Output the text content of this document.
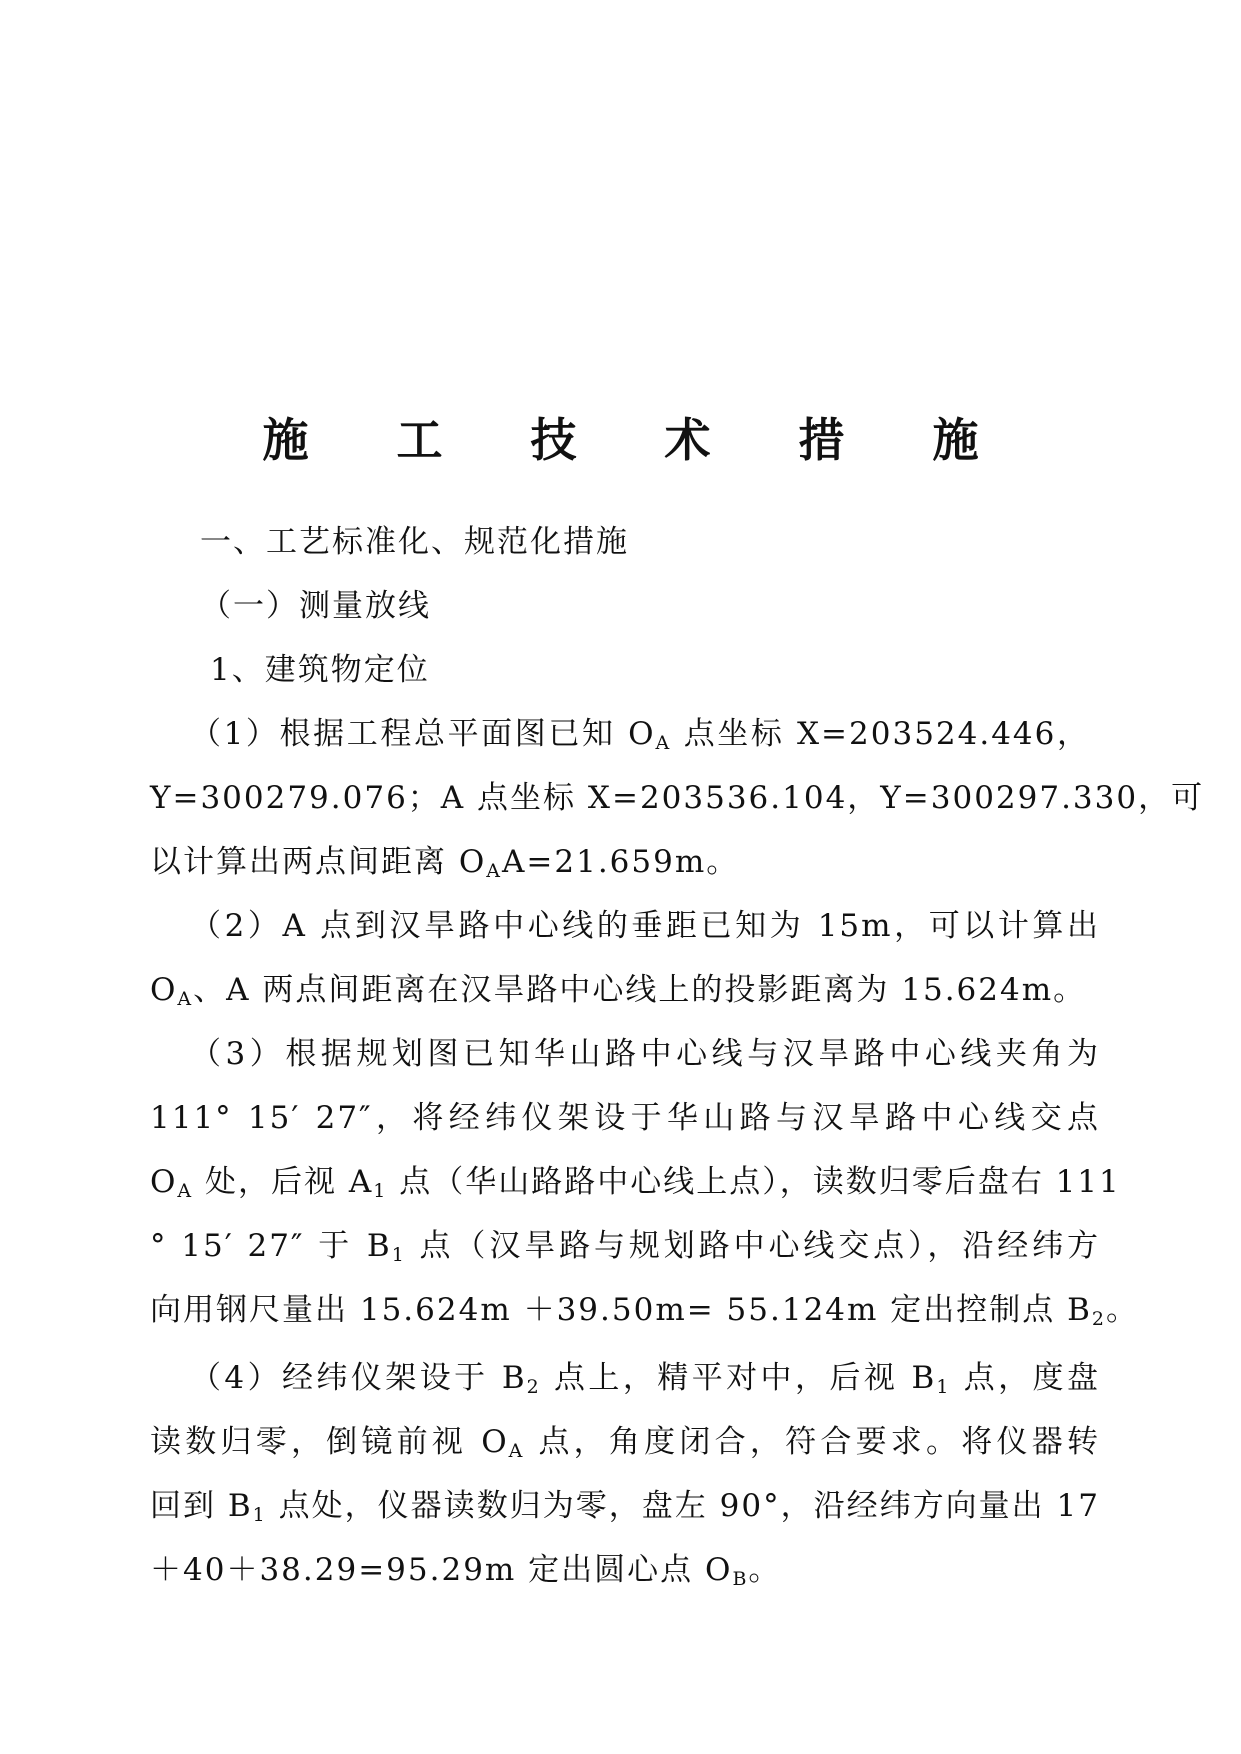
施 工 技 术 措 施
一、工艺标准化、规范化措施
（一）测量放线
1、建筑物定位
（1）根据工程总平面图已知 $O_A$ 点坐标 X=203524.446，
Y=300279.076；A 点坐标 X=203536.104，Y=300297.330，可
以计算出两点间距离 $O_AA=21.659m$。
（2）A 点到汉旱路中心线的垂距已知为 15m，可以计算出
$O_A$、A 两点间距离在汉旱路中心线上的投影距离为 15.624m。
（3）根据规划图已知华山路中心线与汉旱路中心线夹角为
111° 15′ 27″，将经纬仪架设于华山路与汉旱路中心线交点
$O_A$ 处，后视 $A_1$ 点（华山路路中心线上点），读数归零后盘右 111
° 15′ 27″ 于 $B_1$ 点（汉旱路与规划路中心线交点），沿经纬方
向用钢尺量出 15.624m ＋39.50m= 55.124m 定出控制点 $B_2$。
（4）经纬仪架设于 $B_2$ 点上，精平对中，后视 $B_1$ 点，度盘
读数归零，倒镜前视 $O_A$ 点，角度闭合，符合要求。将仪器转
回到 $B_1$ 点处，仪器读数归为零，盘左 90°，沿经纬方向量出 17
＋40＋38.29=95.29m 定出圆心点 $O_B$。
